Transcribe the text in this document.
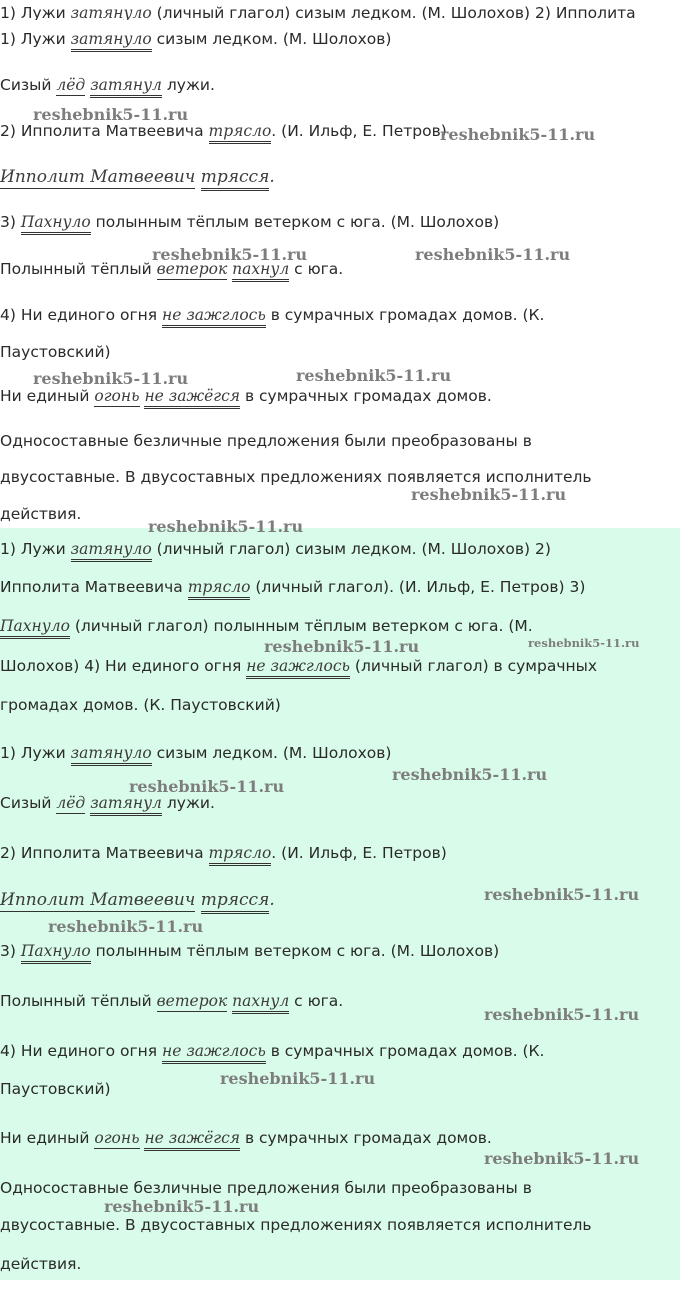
1) Лужи затянуло (личный глагол) сизым ледком. (М. Шолохов) 2) Ипполита
1) Лужи затянуло сизым ледком. (М. Шолохов)
Сизый лёд затянул лужи.
2) Ипполита Матвеевича трясло. (И. Ильф, Е. Петров)
Ипполит Матвеевич трясся.
3) Пахнуло полынным тёплым ветерком с юга. (М. Шолохов)
Полынный тёплый ветерок пахнул с юга.
4) Ни единого огня не зажглось в сумрачных громадах домов. (К.
Паустовский)
Ни единый огонь не зажёгся в сумрачных громадах домов.
Односоставные безличные предложения были преобразованы в
двусоставные. В двусоставных предложениях появляется исполнитель
действия.
1) Лужи затянуло (личный глагол) сизым ледком. (М. Шолохов) 2)
Ипполита Матвеевича трясло (личный глагол). (И. Ильф, Е. Петров) 3)
Пахнуло (личный глагол) полынным тёплым ветерком с юга. (М.
Шолохов) 4) Ни единого огня не зажглось (личный глагол) в сумрачных
громадах домов. (К. Паустовский)
1) Лужи затянуло сизым ледком. (М. Шолохов)
Сизый лёд затянул лужи.
2) Ипполита Матвеевича трясло. (И. Ильф, Е. Петров)
Ипполит Матвеевич трясся.
3) Пахнуло полынным тёплым ветерком с юга. (М. Шолохов)
Полынный тёплый ветерок пахнул с юга.
4) Ни единого огня не зажглось в сумрачных громадах домов. (К.
Паустовский)
Ни единый огонь не зажёгся в сумрачных громадах домов.
Односоставные безличные предложения были преобразованы в
двусоставные. В двусоставных предложениях появляется исполнитель
действия.
reshebnik5-11.ru
reshebnik5-11.ru
reshebnik5-11.ru	reshebnik5-11.ru
reshebnik5-11.ru	reshebnik5-11.ru
reshebnik5-11.ru
reshebnik5-11.ru
reshebnik5-11.ru	reshebnik5-11.ru
reshebnik5-11.ru
reshebnik5-11.ru
reshebnik5-11.ru
reshebnik5-11.ru
reshebnik5-11.ru
reshebnik5-11.ru
reshebnik5-11.ru
reshebnik5-11.ru
